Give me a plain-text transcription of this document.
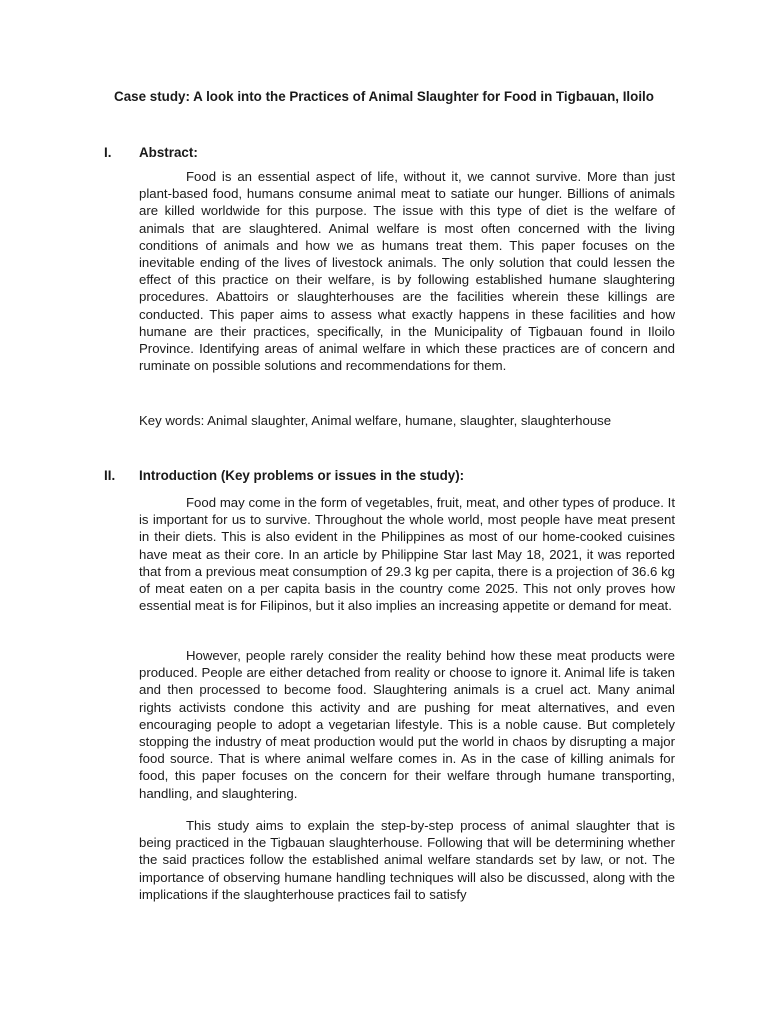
Case study: A look into the Practices of Animal Slaughter for Food in Tigbauan, Iloilo
I.	Abstract:

Food is an essential aspect of life, without it, we cannot survive. More than just plant-based food, humans consume animal meat to satiate our hunger. Billions of animals are killed worldwide for this purpose. The issue with this type of diet is the welfare of animals that are slaughtered. Animal welfare is most often concerned with the living conditions of animals and how we as humans treat them. This paper focuses on the inevitable ending of the lives of livestock animals. The only solution that could lessen the effect of this practice on their welfare, is by following established humane slaughtering procedures. Abattoirs or slaughterhouses are the facilities wherein these killings are conducted. This paper aims to assess what exactly happens in these facilities and how humane are their practices, specifically, in the Municipality of Tigbauan found in Iloilo Province. Identifying areas of animal welfare in which these practices are of concern and ruminate on possible solutions and recommendations for them.

Key words: Animal slaughter, Animal welfare, humane, slaughter, slaughterhouse

II.	Introduction (Key problems or issues in the study):

Food may come in the form of vegetables, fruit, meat, and other types of produce. It is important for us to survive. Throughout the whole world, most people have meat present in their diets. This is also evident in the Philippines as most of our home-cooked cuisines have meat as their core. In an article by Philippine Star last May 18, 2021, it was reported that from a previous meat consumption of 29.3 kg per capita, there is a projection of 36.6 kg of meat eaten on a per capita basis in the country come 2025. This not only proves how essential meat is for Filipinos, but it also implies an increasing appetite or demand for meat.

However, people rarely consider the reality behind how these meat products were produced. People are either detached from reality or choose to ignore it. Animal life is taken and then processed to become food. Slaughtering animals is a cruel act. Many animal rights activists condone this activity and are pushing for meat alternatives, and even encouraging people to adopt a vegetarian lifestyle. This is a noble cause. But completely stopping the industry of meat production would put the world in chaos by disrupting a major food source. That is where animal welfare comes in. As in the case of killing animals for food, this paper focuses on the concern for their welfare through humane transporting, handling, and slaughtering.

This study aims to explain the step-by-step process of animal slaughter that is being practiced in the Tigbauan slaughterhouse. Following that will be determining whether the said practices follow the established animal welfare standards set by law, or not. The importance of observing humane handling techniques will also be discussed, along with the implications if the slaughterhouse practices fail to satisfy
